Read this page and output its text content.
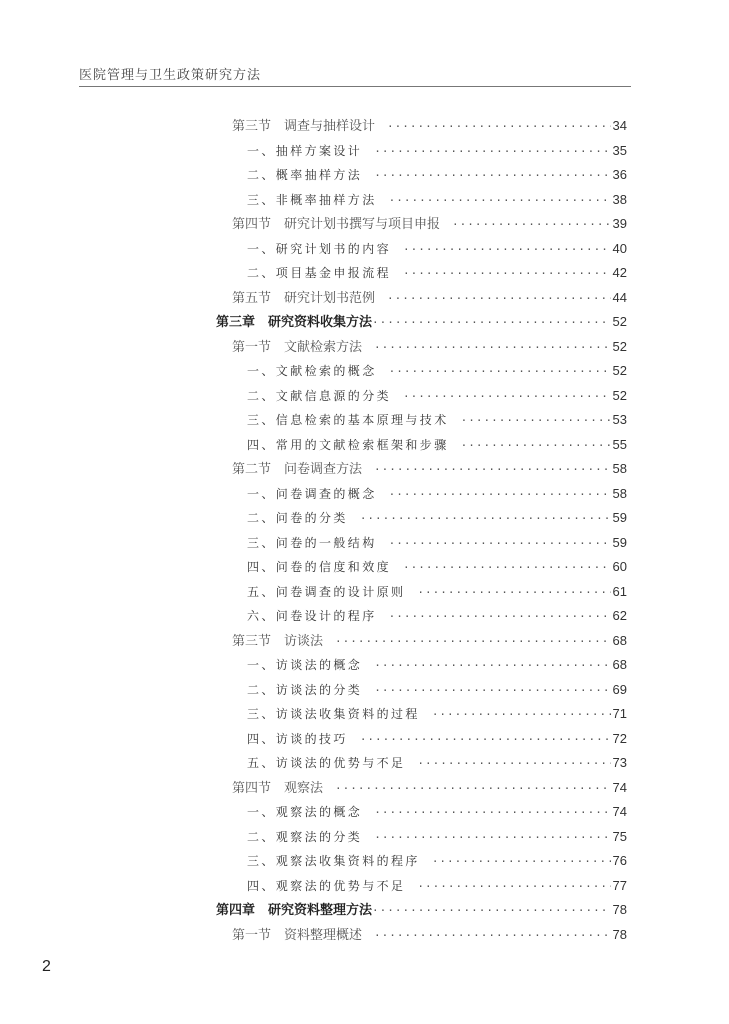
医院管理与卫生政策研究方法
第三节　调查与抽样设计 ·····	34
一、抽样方案设计 ·····	35
二、概率抽样方法 ·····	36
三、非概率抽样方法 ·····	38
第四节　研究计划书撰写与项目申报 ·····	39
一、研究计划书的内容 ·····	40
二、项目基金申报流程 ·····	42
第五节　研究计划书范例 ·····	44
第三章　研究资料收集方法 ·····	52
第一节　文献检索方法 ·····	52
一、文献检索的概念 ·····	52
二、文献信息源的分类 ·····	52
三、信息检索的基本原理与技术 ·····	53
四、常用的文献检索框架和步骤 ·····	55
第二节　问卷调查方法 ·····	58
一、问卷调查的概念 ·····	58
二、问卷的分类 ·····	59
三、问卷的一般结构 ·····	59
四、问卷的信度和效度 ·····	60
五、问卷调查的设计原则 ·····	61
六、问卷设计的程序 ·····	62
第三节　访谈法 ·····	68
一、访谈法的概念 ·····	68
二、访谈法的分类 ·····	69
三、访谈法收集资料的过程 ·····	71
四、访谈的技巧 ·····	72
五、访谈法的优势与不足 ·····	73
第四节　观察法 ·····	74
一、观察法的概念 ·····	74
二、观察法的分类 ·····	75
三、观察法收集资料的程序 ·····	76
四、观察法的优势与不足 ·····	77
第四章　研究资料整理方法 ·····	78
第一节　资料整理概述 ·····	78
2
